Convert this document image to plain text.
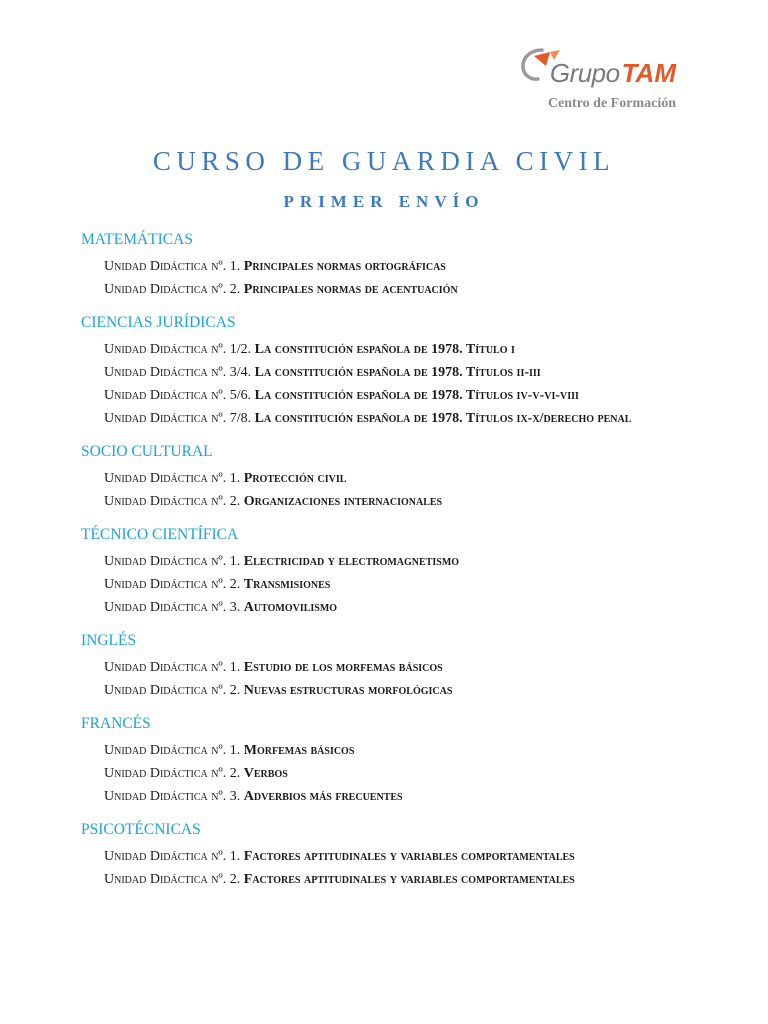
Grupo TAM
Centro de Formación
CURSO DE GUARDIA CIVIL
PRIMER ENVÍO
MATEMÁTICAS
Unidad Didáctica nº. 1. Principales normas ortográficas
Unidad Didáctica nº. 2. Principales normas de acentuación
CIENCIAS JURÍDICAS
Unidad Didáctica nº. 1/2. La constitución española de 1978. Título i
Unidad Didáctica nº. 3/4. La constitución española de 1978. Títulos ii-iii
Unidad Didáctica nº. 5/6. La constitución española de 1978. Títulos iv-v-vi-viii
Unidad Didáctica nº. 7/8. La constitución española de 1978. Títulos ix-x/derecho penal
SOCIO CULTURAL
Unidad Didáctica nº. 1. Protección civil
Unidad Didáctica nº. 2. Organizaciones internacionales
TÉCNICO CIENTÍFICA
Unidad Didáctica nº. 1. Electricidad y electromagnetismo
Unidad Didáctica nº. 2. Transmisiones
Unidad Didáctica nº. 3. Automovilismo
INGLÉS
Unidad Didáctica nº. 1. Estudio de los morfemas básicos
Unidad Didáctica nº. 2. Nuevas estructuras morfológicas
FRANCÉS
Unidad Didáctica nº. 1. Morfemas básicos
Unidad Didáctica nº. 2. Verbos
Unidad Didáctica nº. 3. Adverbios más frecuentes
PSICOTÉCNICAS
Unidad Didáctica nº. 1. Factores aptitudinales y variables comportamentales
Unidad Didáctica nº. 2. Factores aptitudinales y variables comportamentales
